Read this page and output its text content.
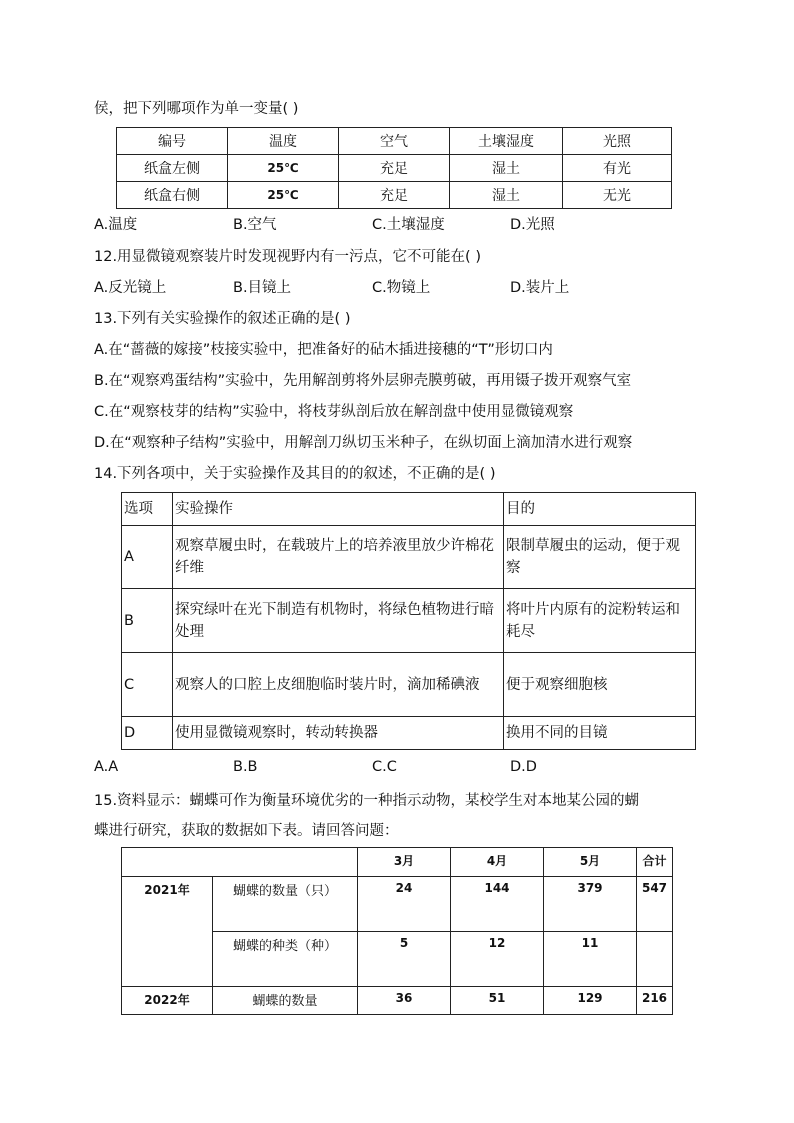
侯，把下列哪项作为单一变量( )
编号	温度	空气	土壤湿度	光照
纸盒左侧	25℃	充足	湿土	有光
纸盒右侧	25℃	充足	湿土	无光
A.温度	B.空气	C.土壤湿度	D.光照
12.用显微镜观察装片时发现视野内有一污点，它不可能在( )
A.反光镜上	B.目镜上	C.物镜上	D.装片上
13.下列有关实验操作的叙述正确的是( )
A.在“蔷薇的嫁接”枝接实验中，把准备好的砧木插进接穗的“T”形切口内
B.在“观察鸡蛋结构”实验中，先用解剖剪将外层卵壳膜剪破，再用镊子拨开观察气室
C.在“观察枝芽的结构”实验中，将枝芽纵剖后放在解剖盘中使用显微镜观察
D.在“观察种子结构”实验中，用解剖刀纵切玉米种子，在纵切面上滴加清水进行观察
14.下列各项中，关于实验操作及其目的的叙述，不正确的是( )
选项	实验操作	目的
A	观察草履虫时，在载玻片上的培养液里放少许棉花纤维	限制草履虫的运动，便于观察
B	探究绿叶在光下制造有机物时，将绿色植物进行暗处理	将叶片内原有的淀粉转运和耗尽
C	观察人的口腔上皮细胞临时装片时，滴加稀碘液	便于观察细胞核
D	使用显微镜观察时，转动转换器	换用不同的目镜
A.A	B.B	C.C	D.D
15.资料显示：蝴蝶可作为衡量环境优劣的一种指示动物，某校学生对本地某公园的蝴
蝶进行研究，获取的数据如下表。请回答问题：
		3月	4月	5月	合计
2021年	蝴蝶的数量（只）	24	144	379	547
	蝴蝶的种类（种）	5	12	11	
2022年	蝴蝶的数量	36	51	129	216
